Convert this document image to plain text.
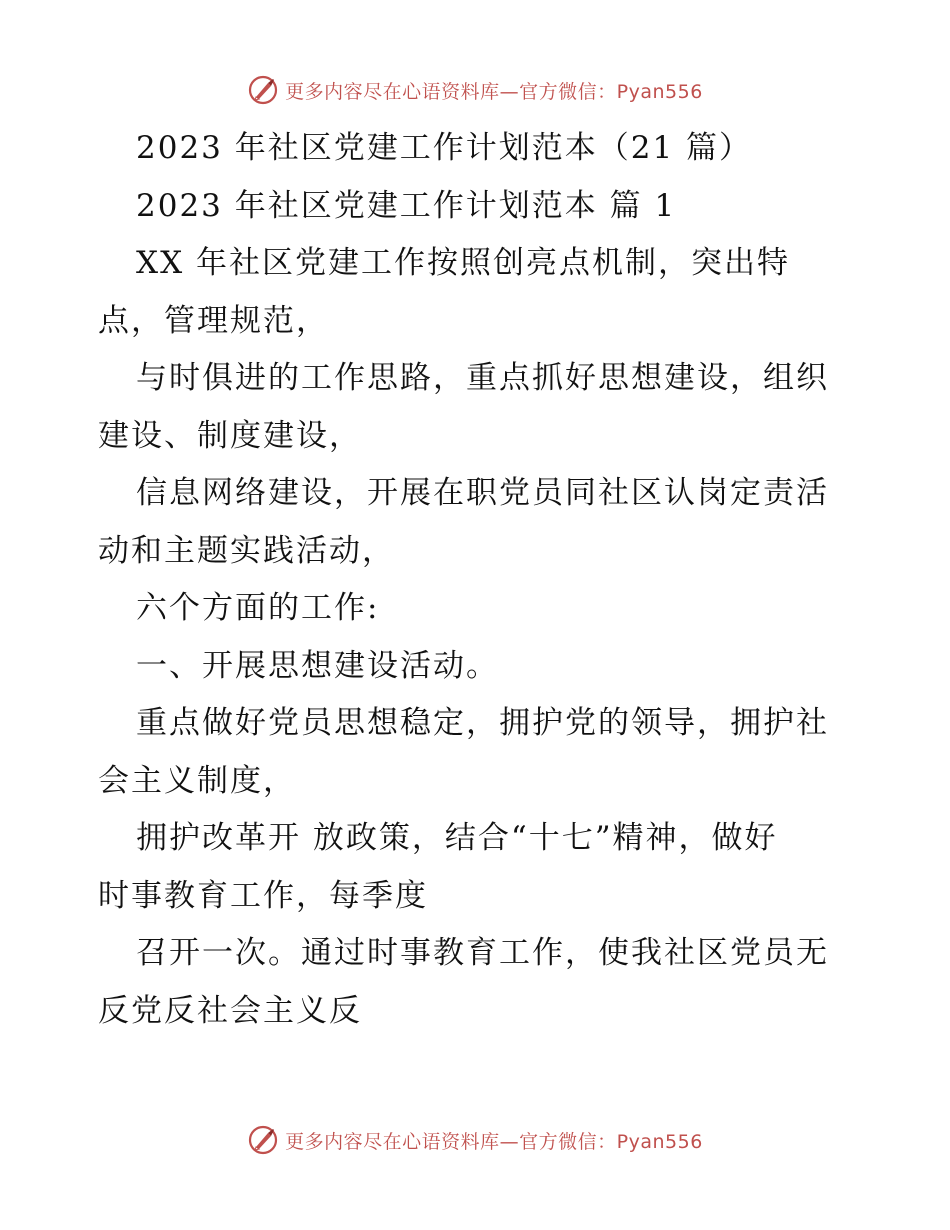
更多内容尽在心语资料库—官方微信：Pyan556
2023 年社区党建工作计划范本（21 篇）
2023 年社区党建工作计划范本 篇 1
XX 年社区党建工作按照创亮点机制，突出特
点，管理规范，
与时俱进的工作思路，重点抓好思想建设，组织
建设、制度建设，
信息网络建设，开展在职党员同社区认岗定责活
动和主题实践活动，
六个方面的工作:
一、开展思想建设活动。
重点做好党员思想稳定，拥护党的领导，拥护社
会主义制度，
拥护改革开 放政策，结合“十七”精神，做好
时事教育工作，每季度
召开一次。通过时事教育工作，使我社区党员无
反党反社会主义反
更多内容尽在心语资料库—官方微信：Pyan556
